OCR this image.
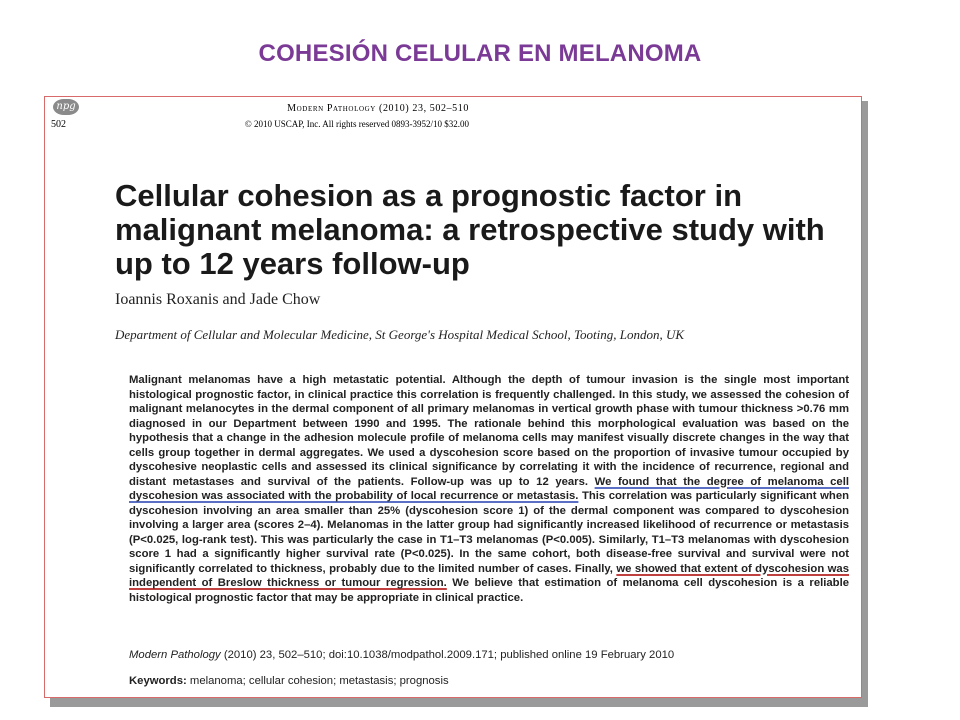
COHESIÓN CELULAR EN MELANOMA
npg
502
Modern Pathology (2010) 23, 502–510
© 2010 USCAP, Inc. All rights reserved 0893-3952/10 $32.00
Cellular cohesion as a prognostic factor in malignant melanoma: a retrospective study with up to 12 years follow-up
Ioannis Roxanis and Jade Chow
Department of Cellular and Molecular Medicine, St George's Hospital Medical School, Tooting, London, UK
Malignant melanomas have a high metastatic potential. Although the depth of tumour invasion is the single most important histological prognostic factor, in clinical practice this correlation is frequently challenged. In this study, we assessed the cohesion of malignant melanocytes in the dermal component of all primary melanomas in vertical growth phase with tumour thickness >0.76 mm diagnosed in our Department between 1990 and 1995. The rationale behind this morphological evaluation was based on the hypothesis that a change in the adhesion molecule profile of melanoma cells may manifest visually discrete changes in the way that cells group together in dermal aggregates. We used a dyscohesion score based on the proportion of invasive tumour occupied by dyscohesive neoplastic cells and assessed its clinical significance by correlating it with the incidence of recurrence, regional and distant metastases and survival of the patients. Follow-up was up to 12 years. We found that the degree of melanoma cell dyscohesion was associated with the probability of local recurrence or metastasis. This correlation was particularly significant when dyscohesion involving an area smaller than 25% (dyscohesion score 1) of the dermal component was compared to dyscohesion involving a larger area (scores 2–4). Melanomas in the latter group had significantly increased likelihood of recurrence or metastasis (P<0.025, log-rank test). This was particularly the case in T1–T3 melanomas (P<0.005). Similarly, T1–T3 melanomas with dyscohesion score 1 had a significantly higher survival rate (P<0.025). In the same cohort, both disease-free survival and survival were not significantly correlated to thickness, probably due to the limited number of cases. Finally, we showed that extent of dyscohesion was independent of Breslow thickness or tumour regression. We believe that estimation of melanoma cell dyscohesion is a reliable histological prognostic factor that may be appropriate in clinical practice.
Modern Pathology (2010) 23, 502–510; doi:10.1038/modpathol.2009.171; published online 19 February 2010
Keywords: melanoma; cellular cohesion; metastasis; prognosis
